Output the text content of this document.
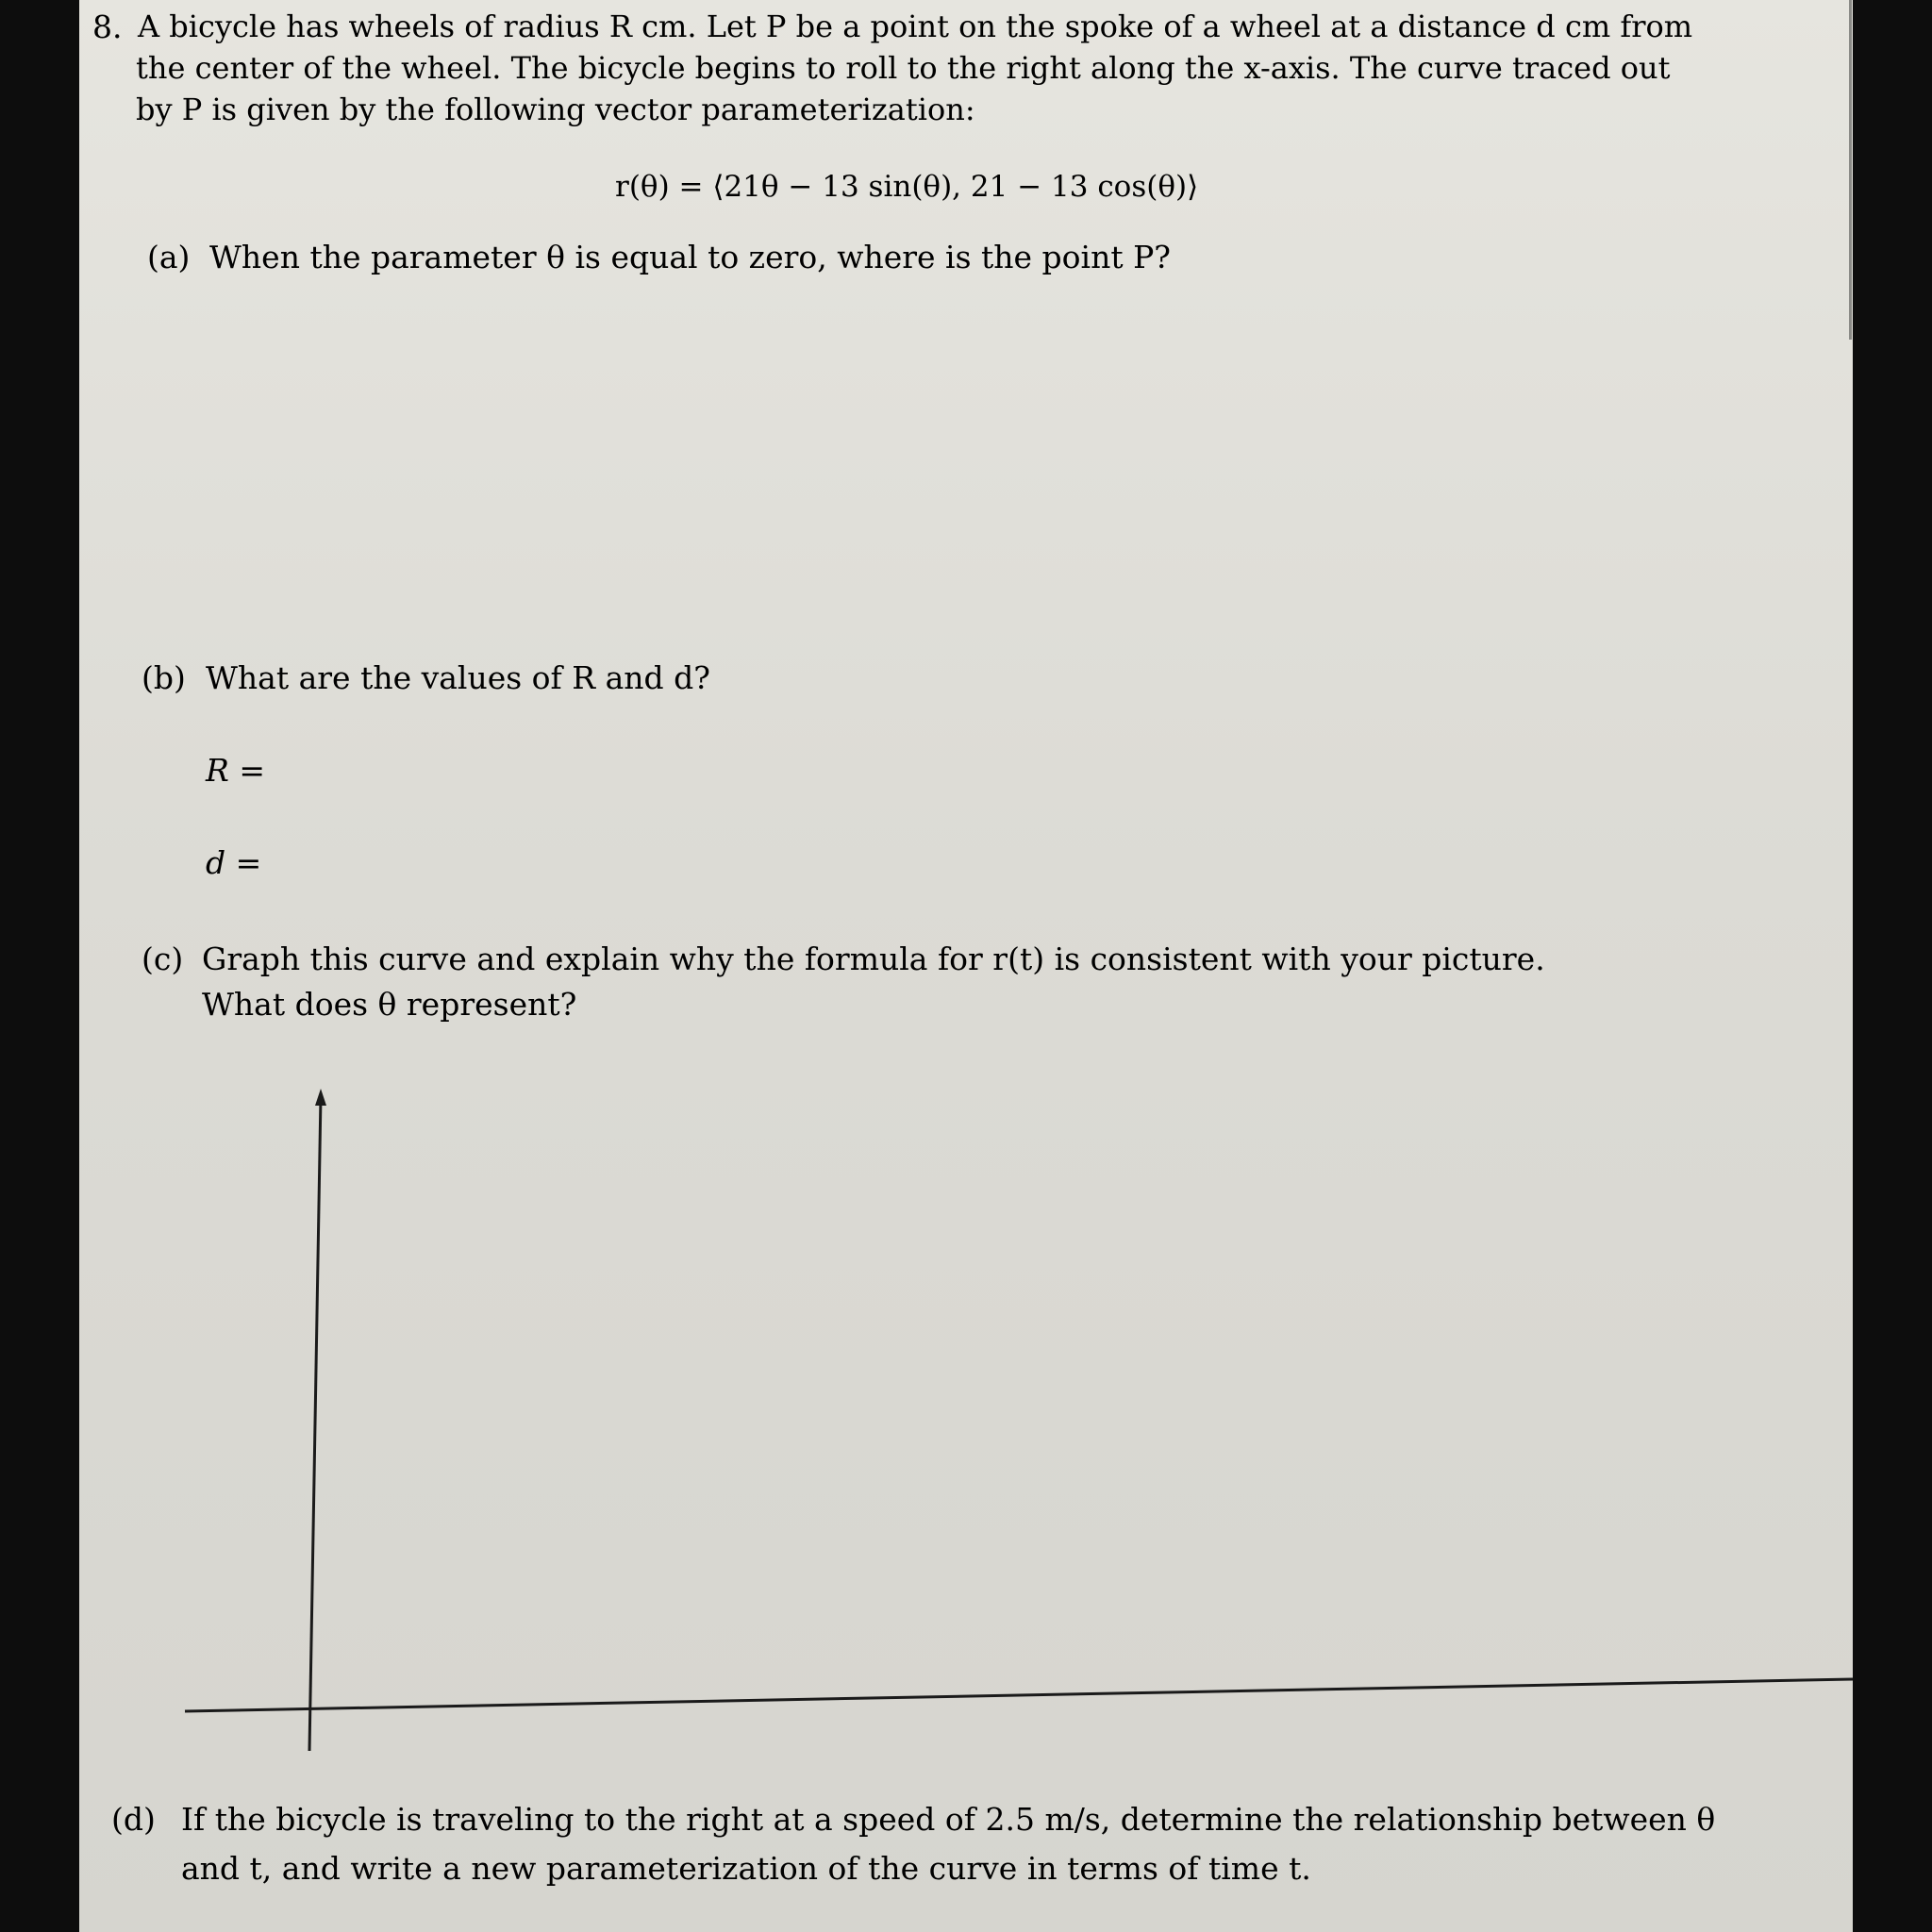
8. A bicycle has wheels of radius R cm. Let P be a point on the spoke of a wheel at a distance d cm from
the center of the wheel. The bicycle begins to roll to the right along the x-axis. The curve traced out
by P is given by the following vector parameterization:
r(θ) = ⟨21θ − 13 sin(θ), 21 − 13 cos(θ)⟩
(a) When the parameter θ is equal to zero, where is the point P?
(b) What are the values of R and d?
R =
d =
(c) Graph this curve and explain why the formula for r(t) is consistent with your picture.
What does θ represent?
(d) If the bicycle is traveling to the right at a speed of 2.5 m/s, determine the relationship between θ
and t, and write a new parameterization of the curve in terms of time t.
